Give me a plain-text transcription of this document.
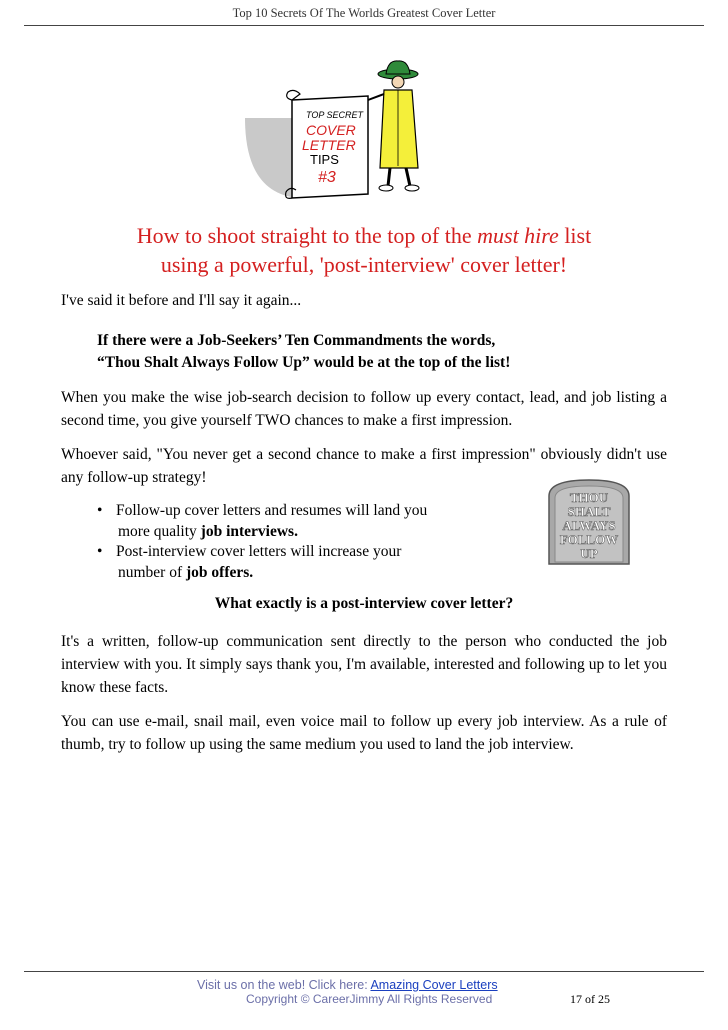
Top 10 Secrets Of The Worlds Greatest Cover Letter
TOP SECRET
COVER
LETTER
TIPS
#3
How to shoot straight to the top of the must hire list
using a powerful, 'post-interview' cover letter!

I've said it before and I'll say it again...

If there were a Job-Seekers’ Ten Commandments the words,
“Thou Shalt Always Follow Up” would be at the top of the list!

When you make the wise job-search decision to follow up every contact, lead, and job listing a second time, you give yourself TWO chances to make a first impression.

Whoever said, "You never get a second chance to make a first impression" obviously didn't use any follow-up strategy!

• Follow-up cover letters and resumes will land you
more quality job interviews.
• Post-interview cover letters will increase your
number of job offers.
THOU
SHALT
ALWAYS
FOLLOW
UP
What exactly is a post-interview cover letter?

It's a written, follow-up communication sent directly to the person who conducted the job interview with you. It simply says thank you, I'm available, interested and following up to let you know these facts.

You can use e-mail, snail mail, even voice mail to follow up every job interview. As a rule of thumb, try to follow up using the same medium you used to land the job interview.

Visit us on the web! Click here: Amazing Cover Letters
Copyright © CareerJimmy All Rights Reserved	17 of 25
